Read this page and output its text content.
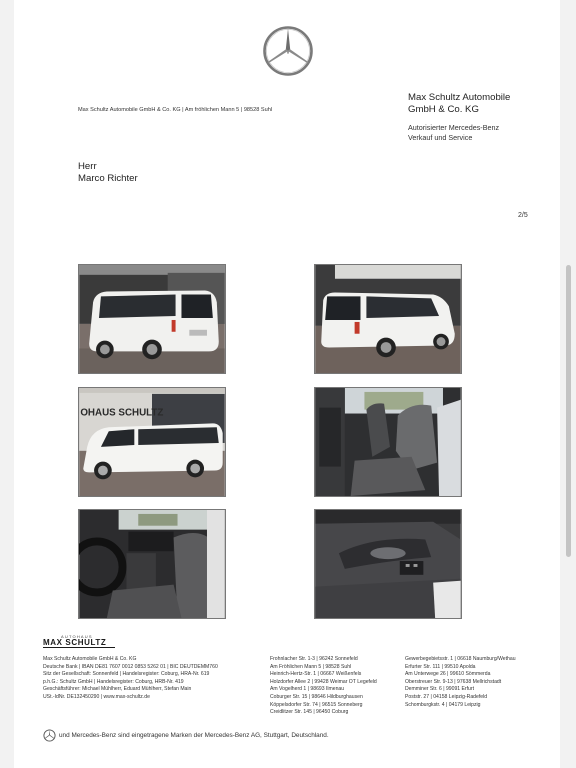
Max Schultz Automobile GmbH & Co. KG | Am fröhlichen Mann 5 | 98528 Suhl
Max Schultz Automobile
GmbH & Co. KG
Autorisierter Mercedes-Benz
Verkauf und Service
Herr
Marco Richter
2/5
OHAUS SCHULTZ
AUTOHAUS
MAX SCHULTZ
Max Schultz Automobile GmbH & Co. KG
Deutsche Bank | IBAN DE81 7607 0012 0853 5262 01 | BIC DEUTDEMM760
Sitz der Gesellschaft: Sonnenfeld | Handelsregister: Coburg, HRA-Nr. 619
p.h.G.: Schultz GmbH | Handelsregister: Coburg, HRB-Nr. 419
Geschäftsführer: Michael Mühlherr, Eduard Mühlherr, Stefan Main
USt.-IdNr. DE132450290 | www.max-schultz.de
Frohnlacher Str. 1-3 | 96242 Sonnefeld
Am Fröhlichen Mann 5 | 98528 Suhl
Heinrich-Hertz-Str. 1 | 06667 Weißenfels
Holzdorfer Allee 2 | 99428 Weimar OT Legefeld
Am Vogelherd 1 | 98693 Ilmenau
Coburger Str. 15 | 98646 Hildburghausen
Köppelsdorfer Str. 74 | 96515 Sonneberg
Creidlitzer Str. 145 | 96450 Coburg
Gewerbegebietsstr. 1 | 06618 Naumburg/Wethau
Erfurter Str. 111 | 99510 Apolda
Am Unterwege 26 | 99610 Sömmerda
Oberstreuer Str. 9-13 | 97638 Mellrichstadt
Demminer Str. 6 | 99091 Erfurt
Poststr. 27 | 04158 Leipzig-Radefeld
Schomburgkstr. 4 | 04179 Leipzig
und Mercedes-Benz sind eingetragene Marken der Mercedes-Benz AG, Stuttgart, Deutschland.
